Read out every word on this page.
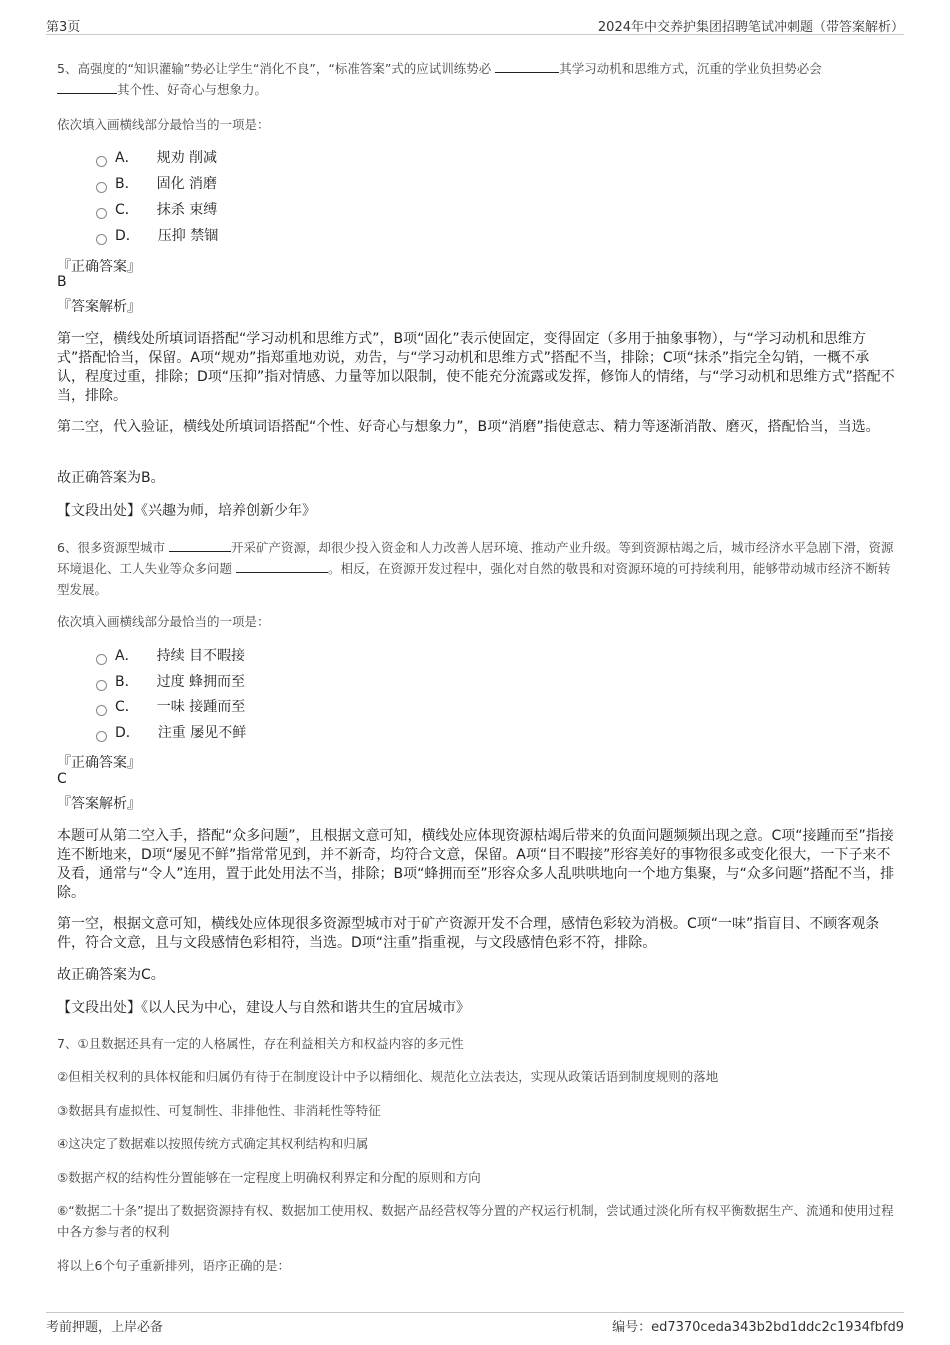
第3页	2024年中交养护集团招聘笔试冲刺题（带答案解析）
5、高强度的“知识灌输”势必让学生“消化不良”，“标准答案”式的应试训练势必	其学习动机和思维方式，沉重的学业负担势必会
其个性、好奇心与想象力。
依次填入画横线部分最恰当的一项是：
A． 规劝 削减
B． 固化 消磨
C． 抹杀 束缚
D． 压抑 禁锢
『正确答案』
B
『答案解析』
第一空，横线处所填词语搭配“学习动机和思维方式”，B项“固化”表示使固定，变得固定（多用于抽象事物），与“学习动机和思维方式”搭配恰当，保留。A项“规劝”指郑重地劝说，劝告，与“学习动机和思维方式”搭配不当，排除；C项“抹杀”指完全勾销，一概不承认，程度过重，排除；D项“压抑”指对情感、力量等加以限制，使不能充分流露或发挥，修饰人的情绪，与“学习动机和思维方式”搭配不当，排除。
第二空，代入验证，横线处所填词语搭配“个性、好奇心与想象力”，B项“消磨”指使意志、精力等逐渐消散、磨灭，搭配恰当，当选。
故正确答案为B。
【文段出处】《兴趣为师，培养创新少年》
6、很多资源型城市	开采矿产资源，却很少投入资金和人力改善人居环境、推动产业升级。等到资源枯竭之后，城市经济水平急剧下滑，资源环境退化、工人失业等众多问题	。相反，在资源开发过程中，强化对自然的敬畏和对资源环境的可持续利用，能够带动城市经济不断转型发展。
依次填入画横线部分最恰当的一项是：
A． 持续 目不暇接
B． 过度 蜂拥而至
C． 一味 接踵而至
D． 注重 屡见不鲜
『正确答案』
C
『答案解析』
本题可从第二空入手，搭配“众多问题”，且根据文意可知，横线处应体现资源枯竭后带来的负面问题频频出现之意。C项“接踵而至”指接连不断地来，D项“屡见不鲜”指常常见到，并不新奇，均符合文意，保留。A项“目不暇接”形容美好的事物很多或变化很大，一下子来不及看，通常与“令人”连用，置于此处用法不当，排除；B项“蜂拥而至”形容众多人乱哄哄地向一个地方集聚，与“众多问题”搭配不当，排除。
第一空，根据文意可知，横线处应体现很多资源型城市对于矿产资源开发不合理，感情色彩较为消极。C项“一味”指盲目、不顾客观条件，符合文意，且与文段感情色彩相符，当选。D项“注重”指重视，与文段感情色彩不符，排除。
故正确答案为C。
【文段出处】《以人民为中心，建设人与自然和谐共生的宜居城市》
7、①且数据还具有一定的人格属性，存在利益相关方和权益内容的多元性
②但相关权利的具体权能和归属仍有待于在制度设计中予以精细化、规范化立法表达，实现从政策话语到制度规则的落地
③数据具有虚拟性、可复制性、非排他性、非消耗性等特征
④这决定了数据难以按照传统方式确定其权利结构和归属
⑤数据产权的结构性分置能够在一定程度上明确权利界定和分配的原则和方向
⑥“数据二十条”提出了数据资源持有权、数据加工使用权、数据产品经营权等分置的产权运行机制，尝试通过淡化所有权平衡数据生产、流通和使用过程中各方参与者的权利
将以上6个句子重新排列，语序正确的是：
考前押题，上岸必备	编号：ed7370ceda343b2bd1ddc2c1934fbfd9
